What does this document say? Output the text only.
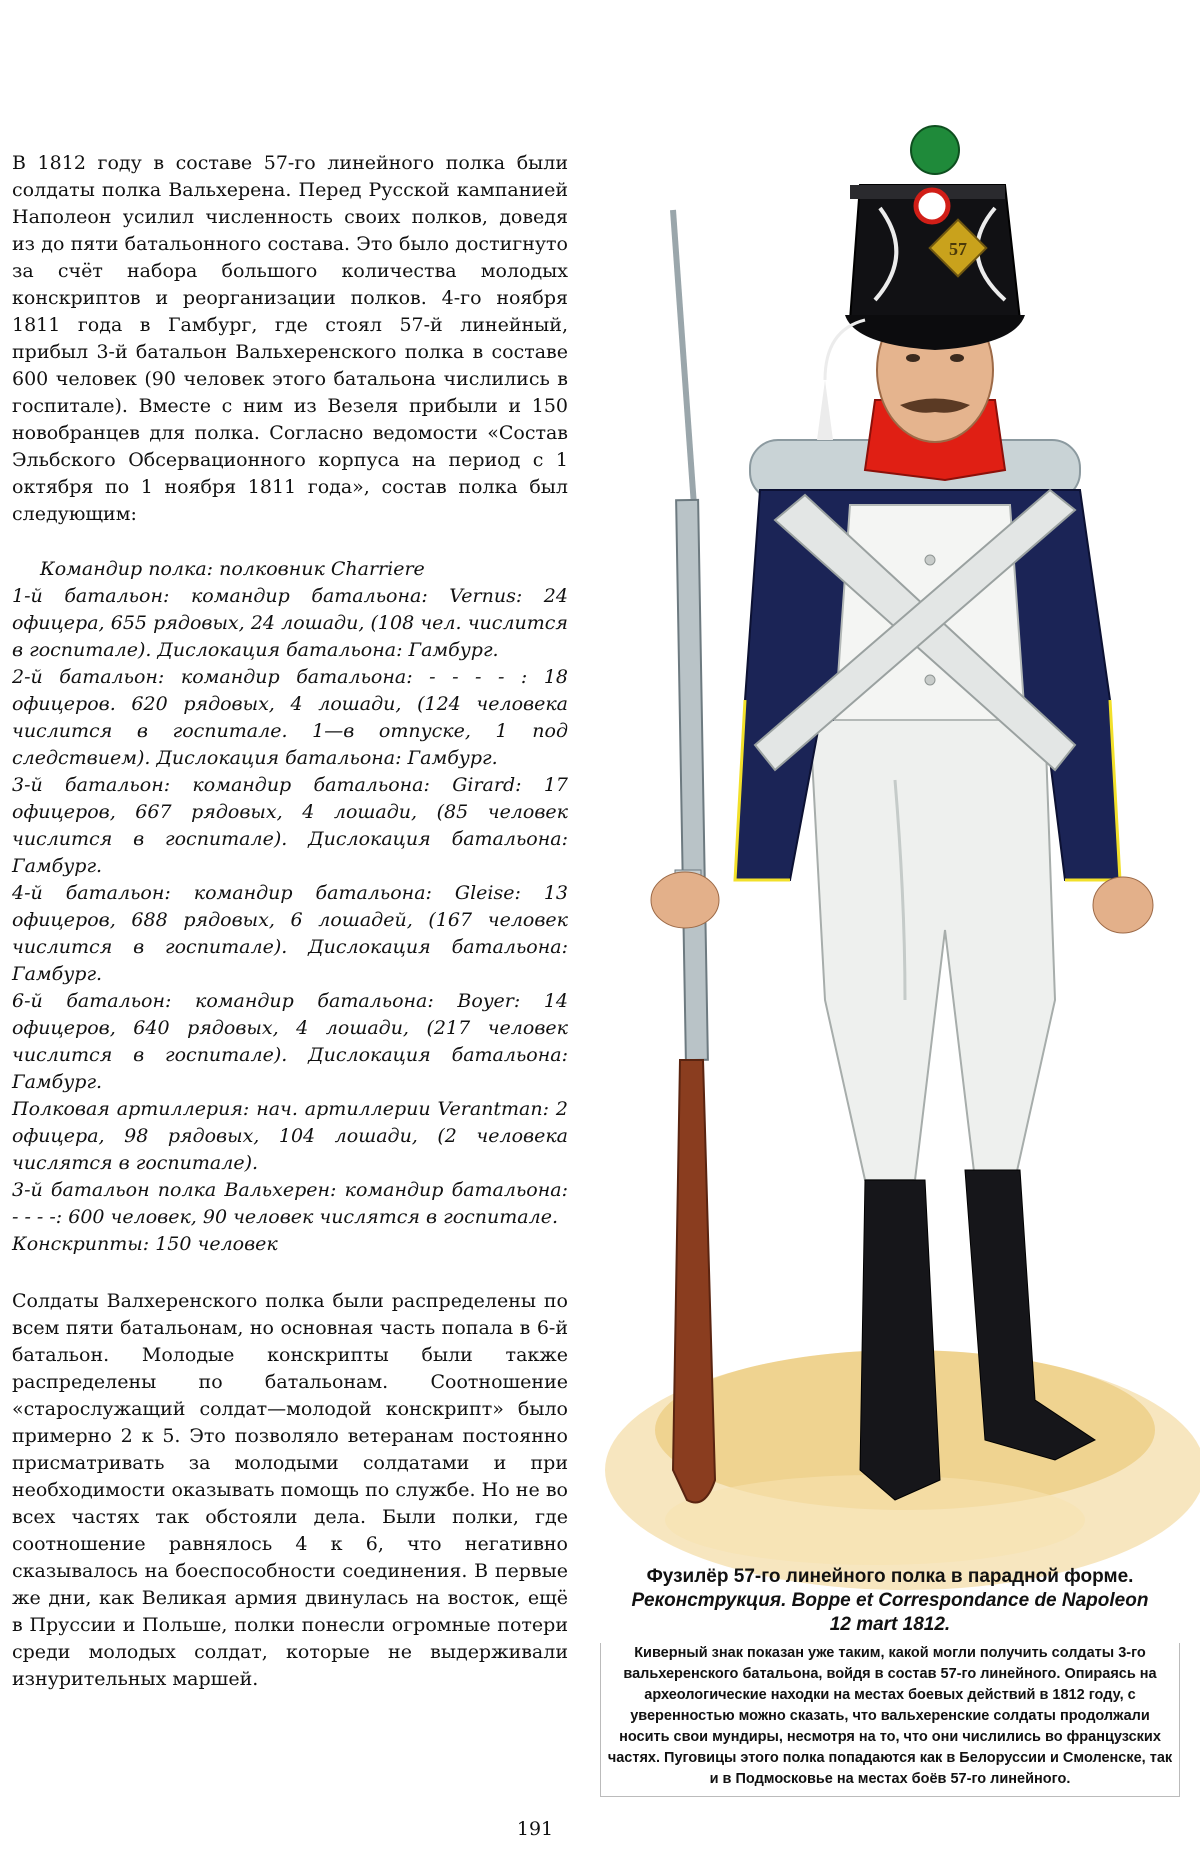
В 1812 году в составе 57-го линейного полка были солдаты полка Вальхерена. Перед Русской кампанией Наполеон усилил численность своих полков, доведя из до пяти батальонного состава. Это было достигнуто за счёт набора большого количества молодых конскриптов и реорганизации полков. 4-го ноября 1811 года в Гамбург, где стоял 57-й линейный, прибыл 3-й батальон Вальхеренского полка в составе 600 человек (90 человек этого батальона числились в госпитале). Вместе с ним из Везеля прибыли и 150 новобранцев для полка. Согласно ведомости «Состав Эльбского Обсервационного корпуса на период с 1 октября по 1 ноября 1811 года», состав полка был следующим:

Командир полка: полковник Charriere

1-й батальон: командир батальона: Vernus: 24 офицера, 655 рядовых, 24 лошади, (108 чел. числится в госпитале). Дислокация батальона: Гамбург.

2-й батальон: командир батальона: - - - - : 18 офицеров. 620 рядовых, 4 лошади, (124 человека числится в госпитале. 1—в отпуске, 1 под следствием). Дислокация батальона: Гамбург.

3-й батальон: командир батальона: Girard: 17 офицеров, 667 рядовых, 4 лошади, (85 человек числится в госпитале). Дислокация батальона: Гамбург.

4-й батальон: командир батальона: Gleise: 13 офицеров, 688 рядовых, 6 лошадей, (167 человек числится в госпитале). Дислокация батальона: Гамбург.

6-й батальон: командир батальона: Boyer: 14 офицеров, 640 рядовых, 4 лошади, (217 человек числится в госпитале). Дислокация батальона: Гамбург.

Полковая артиллерия: нач. артиллерии Verantman: 2 офицера, 98 рядовых, 104 лошади, (2 человека числятся в госпитале).

3-й батальон полка Вальхерен: командир батальона: - - - -: 600 человек, 90 человек числятся в госпитале.

Конскрипты: 150 человек

Солдаты Валхеренского полка были распределены по всем пяти батальонам, но основная часть попала в 6-й батальон. Молодые конскрипты были также распределены по батальонам. Соотношение «старослужащий солдат—молодой конскрипт» было примерно 2 к 5. Это позволяло ветеранам постоянно присматривать за молодыми солдатами и при необходимости оказывать помощь по службе. Но не во всех частях так обстояли дела. Были полки, где соотношение равнялось 4 к 6, что негативно сказывалось на боеспособности соединения. В первые же дни, как Великая армия двинулась на восток, ещё в Пруссии и Польше, полки понесли огромные потери среди молодых солдат, которые не выдерживали изнурительных маршей.

57

Фузилёр 57-го линейного полка в парадной форме.

Реконструкция. Boppe et Correspondance de Napoleon

12 mart 1812.

Киверный знак показан уже таким, какой могли получить солдаты 3-го вальхеренского батальона, войдя в состав 57-го линейного. Опираясь на археологические находки на местах боевых действий в 1812 году, с уверенностью можно сказать, что вальхеренские солдаты продолжали носить свои мундиры, несмотря на то, что они числились во французских частях. Пуговицы этого полка попадаются как в Белоруссии и Смоленске, так и в Подмосковье на местах боёв 57-го линейного.

191
